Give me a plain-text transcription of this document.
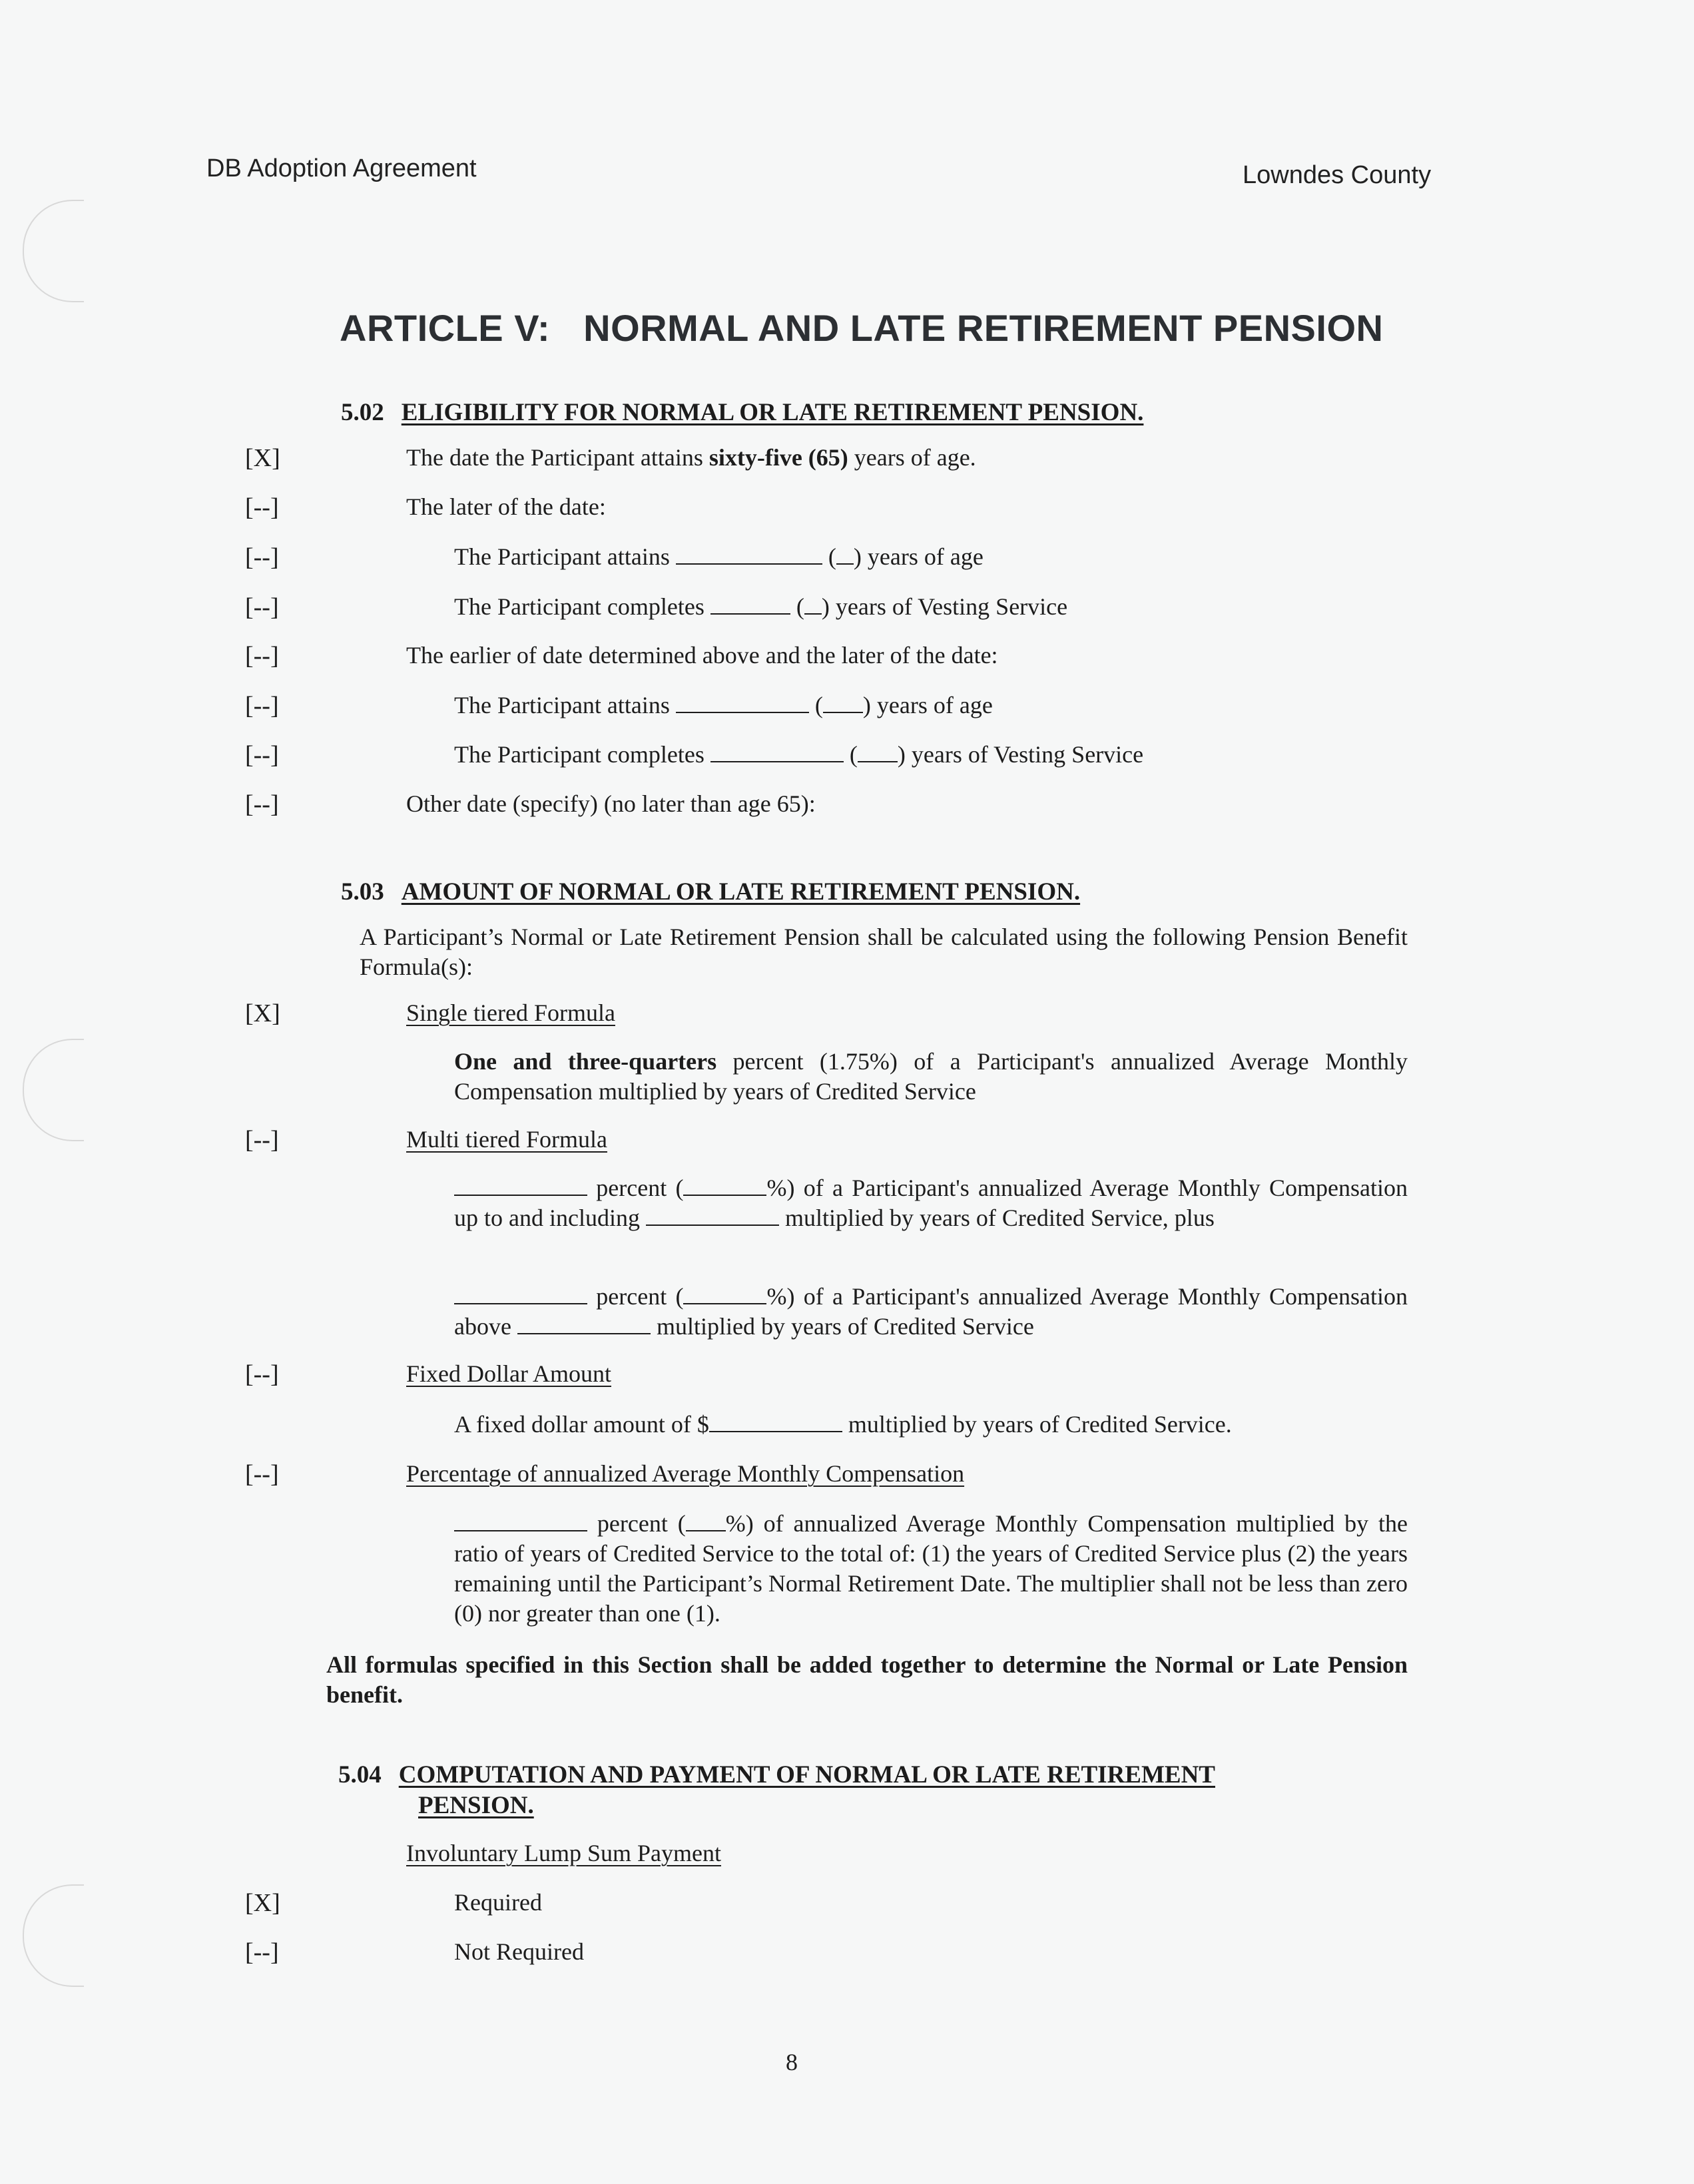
DB Adoption Agreement	Lowndes County
ARTICLE V: NORMAL AND LATE RETIREMENT PENSION
5.02 ELIGIBILITY FOR NORMAL OR LATE RETIREMENT PENSION.
[X]	The date the Participant attains sixty-five (65) years of age.
[--]	The later of the date:
[--]	The Participant attains	( ) years of age
[--]	The Participant completes	( ) years of Vesting Service
[--]	The earlier of date determined above and the later of the date:
[--]	The Participant attains	( ) years of age
[--]	The Participant completes	( ) years of Vesting Service
[--]	Other date (specify) (no later than age 65):
5.03 AMOUNT OF NORMAL OR LATE RETIREMENT PENSION.
A Participant’s Normal or Late Retirement Pension shall be calculated using the following Pension Benefit Formula(s):
[X]	Single tiered Formula
One and three-quarters percent (1.75%) of a Participant's annualized Average Monthly Compensation multiplied by years of Credited Service
[--]	Multi tiered Formula
percent (	%) of a Participant's annualized Average Monthly Compensation up to and including	multiplied by years of Credited Service, plus
percent (	%) of a Participant's annualized Average Monthly Compensation above	multiplied by years of Credited Service
[--]	Fixed Dollar Amount
A fixed dollar amount of $	multiplied by years of Credited Service.
[--]	Percentage of annualized Average Monthly Compensation
percent ( %) of annualized Average Monthly Compensation multiplied by the ratio of years of Credited Service to the total of: (1) the years of Credited Service plus (2) the years remaining until the Participant’s Normal Retirement Date. The multiplier shall not be less than zero (0) nor greater than one (1).
All formulas specified in this Section shall be added together to determine the Normal or Late Pension benefit.
5.04 COMPUTATION AND PAYMENT OF NORMAL OR LATE RETIREMENT
PENSION.
Involuntary Lump Sum Payment
[X]	Required
[--]	Not Required
8
